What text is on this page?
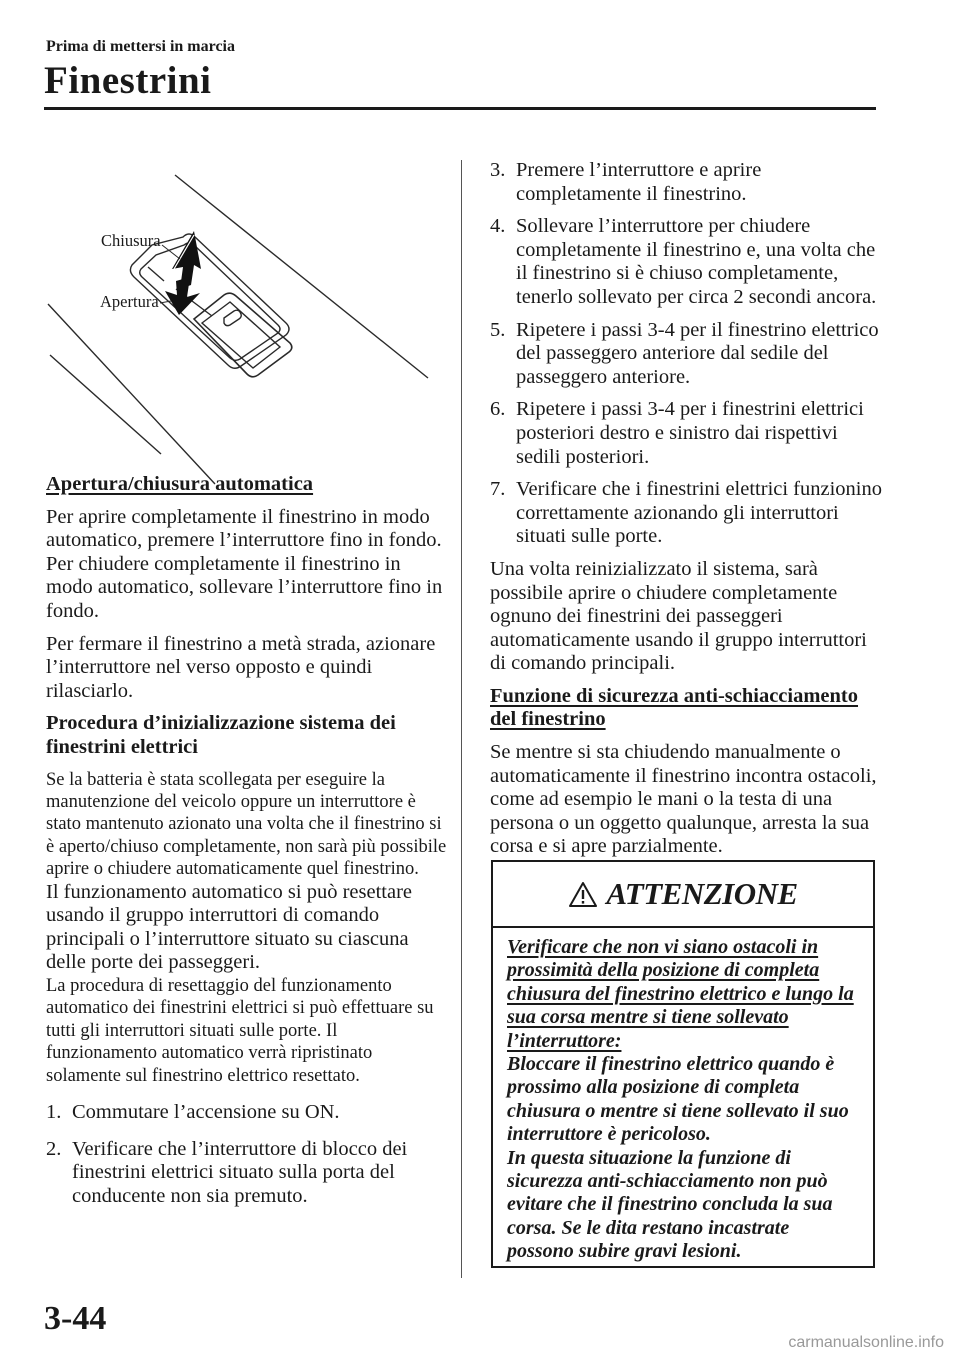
Prima di mettersi in marcia
Finestrini
Chiusura
Apertura

Apertura/chiusura automatica

Per aprire completamente il finestrino in modo automatico, premere l’interruttore fino in fondo.

Per chiudere completamente il finestrino in modo automatico, sollevare l’interruttore fino in fondo.

Per fermare il finestrino a metà strada, azionare l’interruttore nel verso opposto e quindi rilasciarlo.

Procedura d’inizializzazione sistema dei finestrini elettrici

Se la batteria è stata scollegata per eseguire la manutenzione del veicolo oppure un interruttore è stato mantenuto azionato una volta che il finestrino si è aperto/chiuso completamente, non sarà più possibile aprire o chiudere automaticamente quel finestrino.

Il funzionamento automatico si può resettare usando il gruppo interruttori di comando principali o l’interruttore situato su ciascuna delle porte dei passeggeri.

La procedura di resettaggio del funzionamento automatico dei finestrini elettrici si può effettuare su tutti gli interruttori situati sulle porte. Il funzionamento automatico verrà ripristinato solamente sul finestrino elettrico resettato.

1. Commutare l’accensione su ON.
2. Verificare che l’interruttore di blocco dei finestrini elettrici situato sulla porta del conducente non sia premuto.
3. Premere l’interruttore e aprire completamente il finestrino.
4. Sollevare l’interruttore per chiudere completamente il finestrino e, una volta che il finestrino si è chiuso completamente, tenerlo sollevato per circa 2 secondi ancora.
5. Ripetere i passi 3-4 per il finestrino elettrico del passeggero anteriore dal sedile del passeggero anteriore.
6. Ripetere i passi 3-4 per i finestrini elettrici posteriori destro e sinistro dai rispettivi sedili posteriori.
7. Verificare che i finestrini elettrici funzionino correttamente azionando gli interruttori situati sulle porte.

Una volta reinizializzato il sistema, sarà possibile aprire o chiudere completamente ognuno dei finestrini dei passeggeri automaticamente usando il gruppo interruttori di comando principali.

Funzione di sicurezza anti-schiacciamento del finestrino

Se mentre si sta chiudendo manualmente o automaticamente il finestrino incontra ostacoli, come ad esempio le mani o la testa di una persona o un oggetto qualunque, arresta la sua corsa e si apre parzialmente.

ATTENZIONE

Verificare che non vi siano ostacoli in prossimità della posizione di completa chiusura del finestrino elettrico e lungo la sua corsa mentre si tiene sollevato l’interruttore:

Bloccare il finestrino elettrico quando è prossimo alla posizione di completa chiusura o mentre si tiene sollevato il suo interruttore è pericoloso.

In questa situazione la funzione di sicurezza anti-schiacciamento non può evitare che il finestrino concluda la sua corsa. Se le dita restano incastrate possono subire gravi lesioni.

3-44
carmanualsonline.info
